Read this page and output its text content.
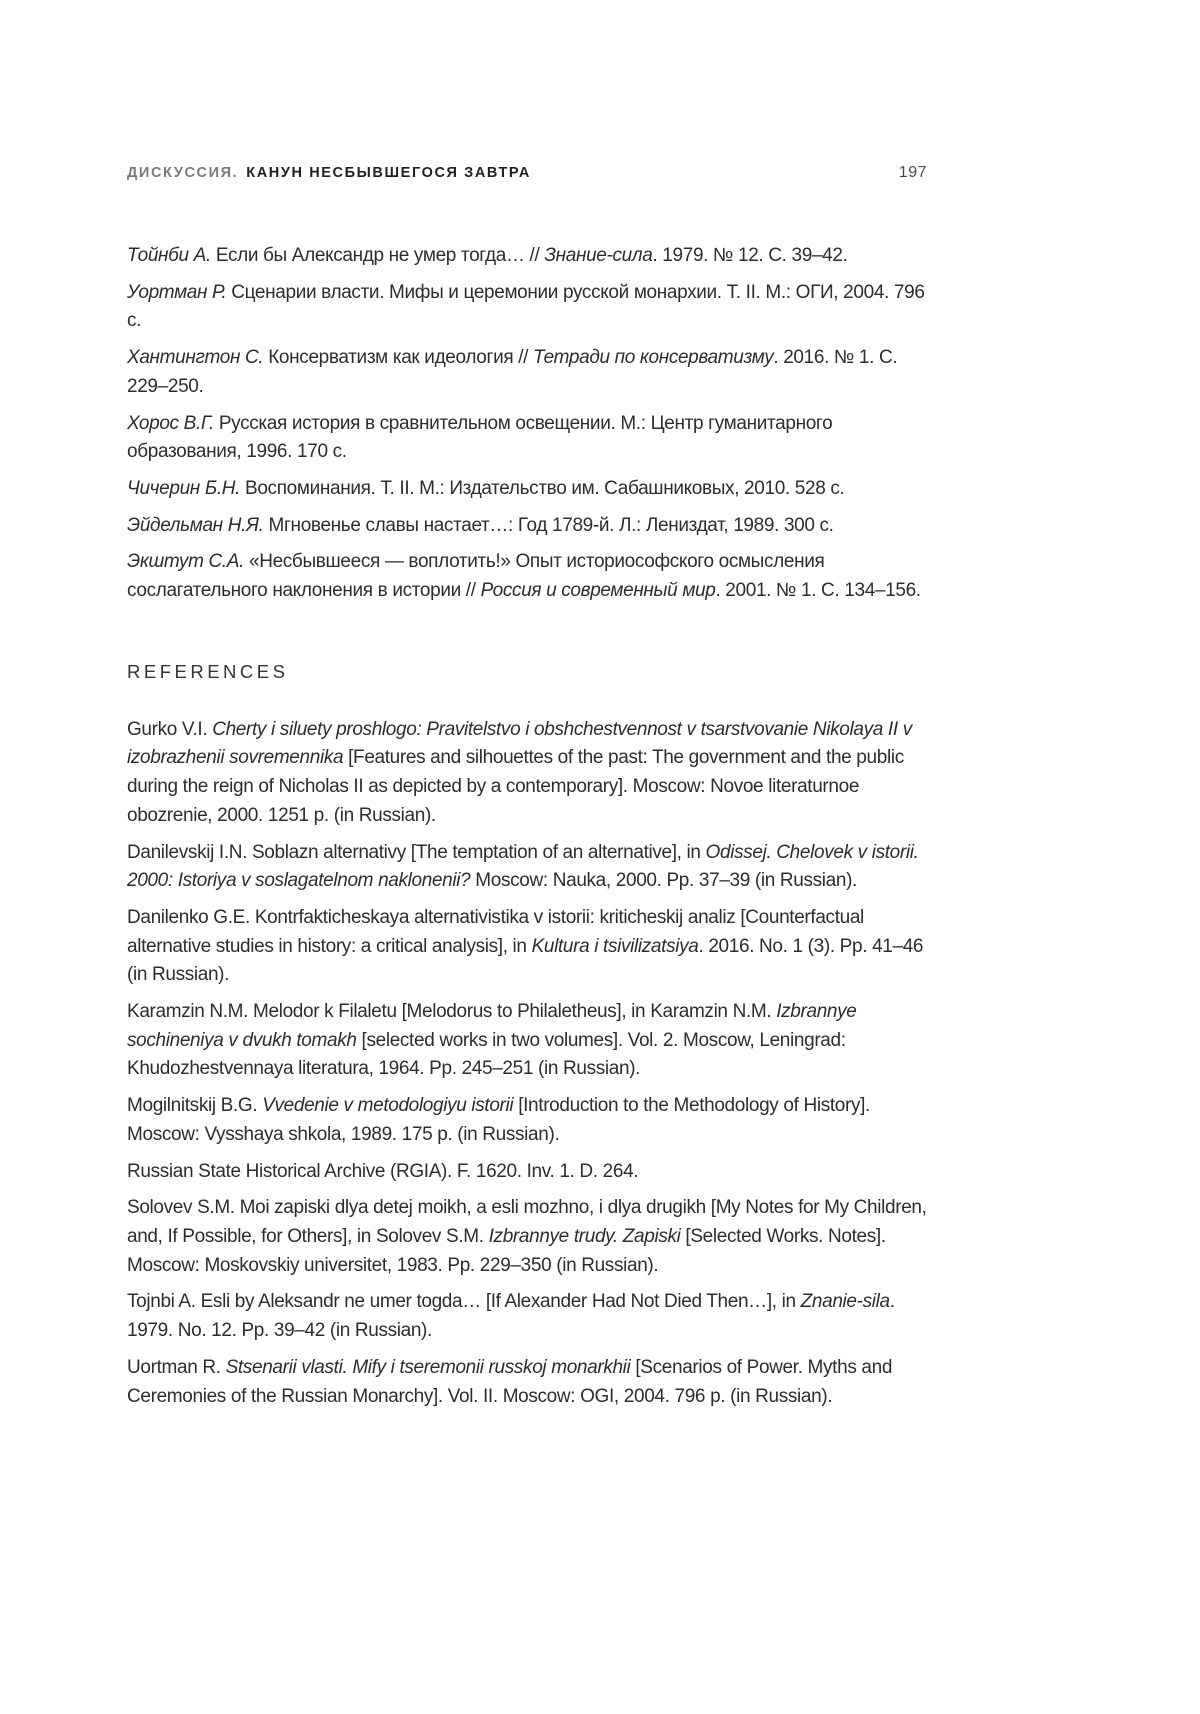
ДИСКУССИЯ. КАНУН НЕСБЫВШЕГОСЯ ЗАВТРА	197

Тойнби А. Если бы Александр не умер тогда… // Знание-сила. 1979. № 12. С. 39–42.

Уортман Р. Сценарии власти. Мифы и церемонии русской монархии. Т. II. М.: ОГИ, 2004. 796 с.

Хантингтон С. Консерватизм как идеология // Тетради по консерватизму. 2016. № 1. С. 229–250.

Хорос В.Г. Русская история в сравнительном освещении. М.: Центр гуманитарного образования, 1996. 170 с.

Чичерин Б.Н. Воспоминания. Т. II. М.: Издательство им. Сабашниковых, 2010. 528 с.

Эйдельман Н.Я. Мгновенье славы настает…: Год 1789-й. Л.: Лениздат, 1989. 300 с.

Экштут С.А. «Несбывшееся — воплотить!» Опыт историософского осмысления сослагательного наклонения в истории // Россия и современный мир. 2001. № 1. С. 134–156.

REFERENCES

Gurko V.I. Cherty i siluety proshlogo: Pravitelstvo i obshchestvennost v tsarstvovanie Nikolaya II v izobrazhenii sovremennika [Features and silhouettes of the past: The government and the public during the reign of Nicholas II as depicted by a contemporary]. Moscow: Novoe literaturnoe obozrenie, 2000. 1251 p. (in Russian).

Danilevskij I.N. Soblazn alternativy [The temptation of an alternative], in Odissej. Chelovek v istorii. 2000: Istoriya v soslagatelnom naklonenii? Moscow: Nauka, 2000. Pp. 37–39 (in Russian).

Danilenko G.E. Kontrfakticheskaya alternativistika v istorii: kriticheskij analiz [Counterfactual alternative studies in history: a critical analysis], in Kultura i tsivilizatsiya. 2016. No. 1 (3). Pp. 41–46 (in Russian).

Karamzin N.M. Melodor k Filaletu [Melodorus to Philaletheus], in Karamzin N.M. Izbrannye sochineniya v dvukh tomakh [selected works in two volumes]. Vol. 2. Moscow, Leningrad: Khudozhestvennaya literatura, 1964. Pp. 245–251 (in Russian).

Mogilnitskij B.G. Vvedenie v metodologiyu istorii [Introduction to the Methodology of History]. Moscow: Vysshaya shkola, 1989. 175 p. (in Russian).

Russian State Historical Archive (RGIA). F. 1620. Inv. 1. D. 264.

Solovev S.M. Moi zapiski dlya detej moikh, a esli mozhno, i dlya drugikh [My Notes for My Children, and, If Possible, for Others], in Solovev S.M. Izbrannye trudy. Zapiski [Selected Works. Notes]. Moscow: Moskovskiy universitet, 1983. Pp. 229–350 (in Russian).

Tojnbi A. Esli by Aleksandr ne umer togda… [If Alexander Had Not Died Then…], in Znanie-sila. 1979. No. 12. Pp. 39–42 (in Russian).

Uortman R. Stsenarii vlasti. Mify i tseremonii russkoj monarkhii [Scenarios of Power. Myths and Ceremonies of the Russian Monarchy]. Vol. II. Moscow: OGI, 2004. 796 p. (in Russian).
